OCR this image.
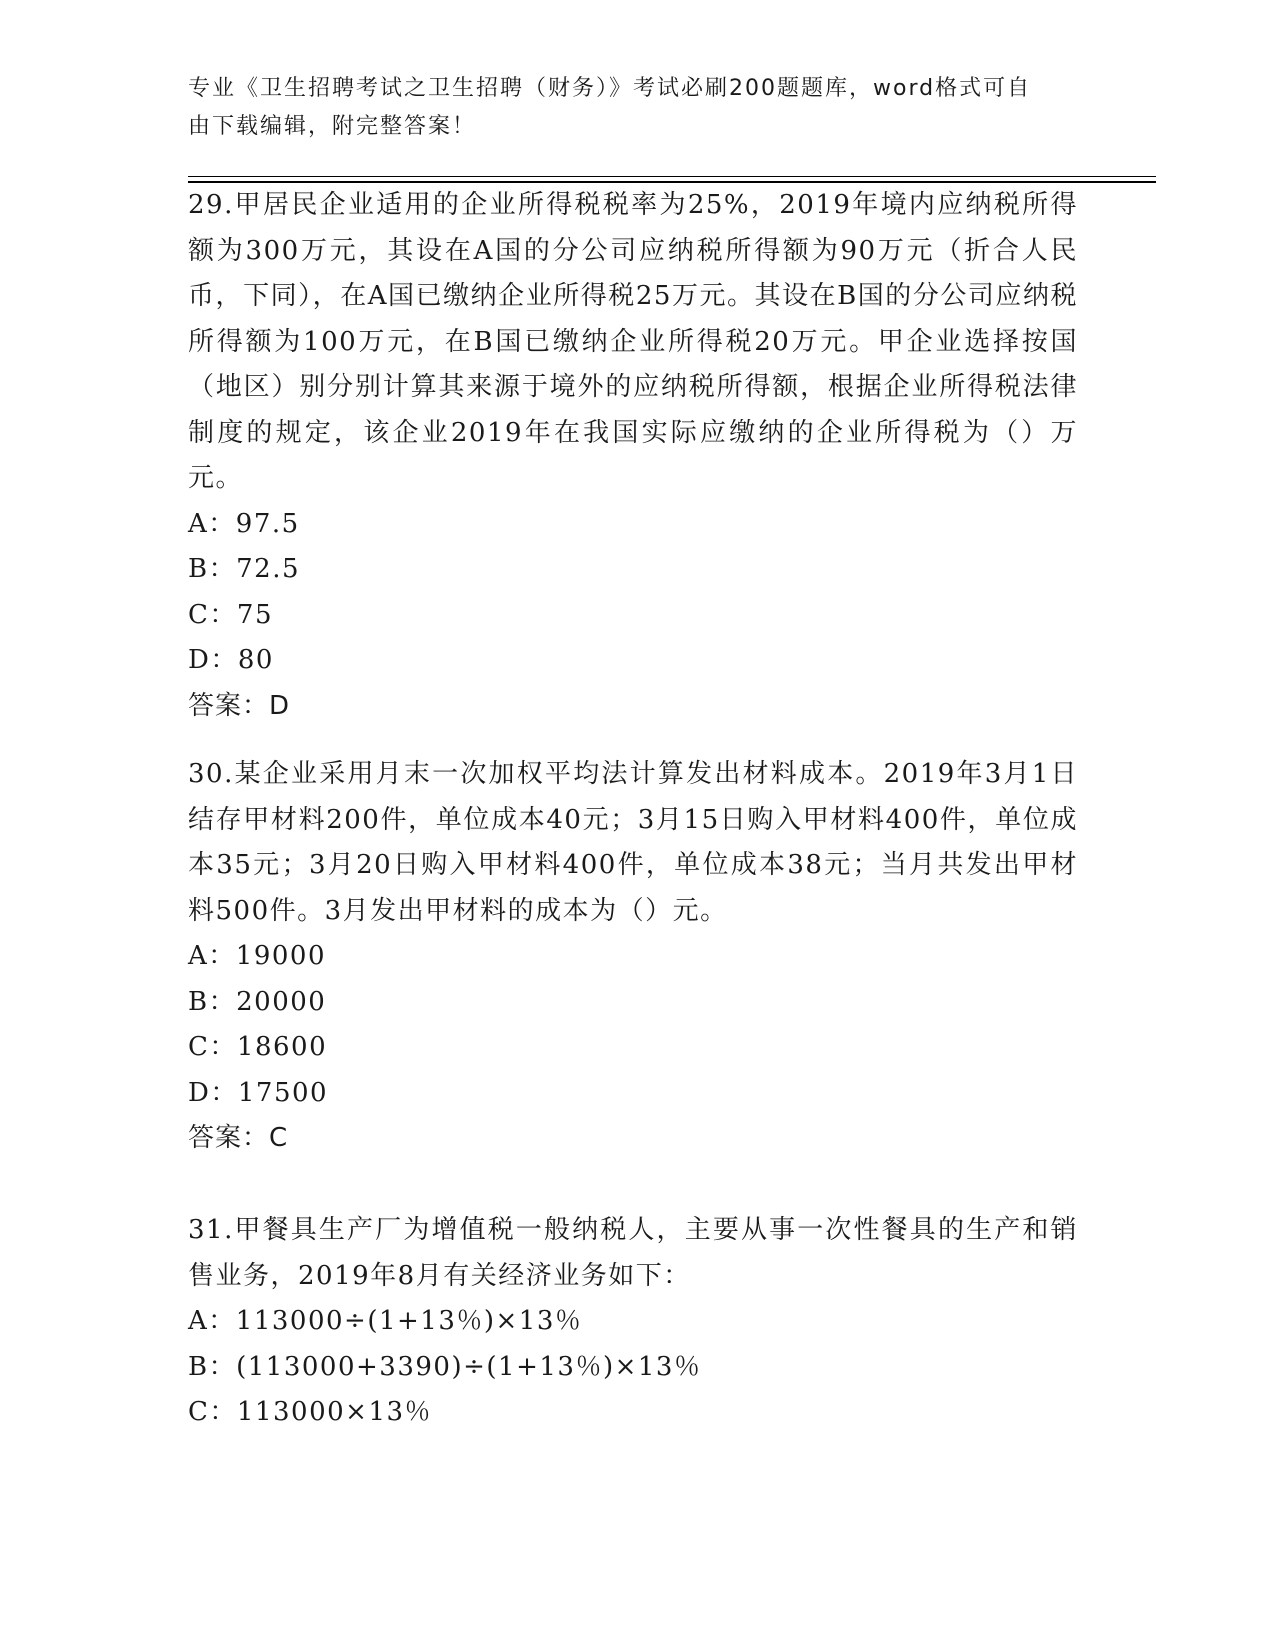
专业《卫生招聘考试之卫生招聘（财务）》考试必刷200题题库，word格式可自
由下载编辑，附完整答案！
29.甲居民企业适用的企业所得税税率为25%，2019年境内应纳税所得额为300万元，其设在A国的分公司应纳税所得额为90万元（折合人民币，下同），在A国已缴纳企业所得税25万元。其设在B国的分公司应纳税所得额为100万元，在B国已缴纳企业所得税20万元。甲企业选择按国（地区）别分别计算其来源于境外的应纳税所得额，根据企业所得税法律制度的规定，该企业2019年在我国实际应缴纳的企业所得税为（）万元。
A：97.5
B：72.5
C：75
D：80
答案：D
30.某企业采用月末一次加权平均法计算发出材料成本。2019年3月1日结存甲材料200件，单位成本40元；3月15日购入甲材料400件，单位成本35元；3月20日购入甲材料400件，单位成本38元；当月共发出甲材料500件。3月发出甲材料的成本为（）元。
A：19000
B：20000
C：18600
D：17500
答案：C
31.甲餐具生产厂为增值税一般纳税人，主要从事一次性餐具的生产和销售业务，2019年8月有关经济业务如下：
A：113000÷(1+13％)×13％
B：(113000+3390)÷(1+13％)×13％
C：113000×13％
